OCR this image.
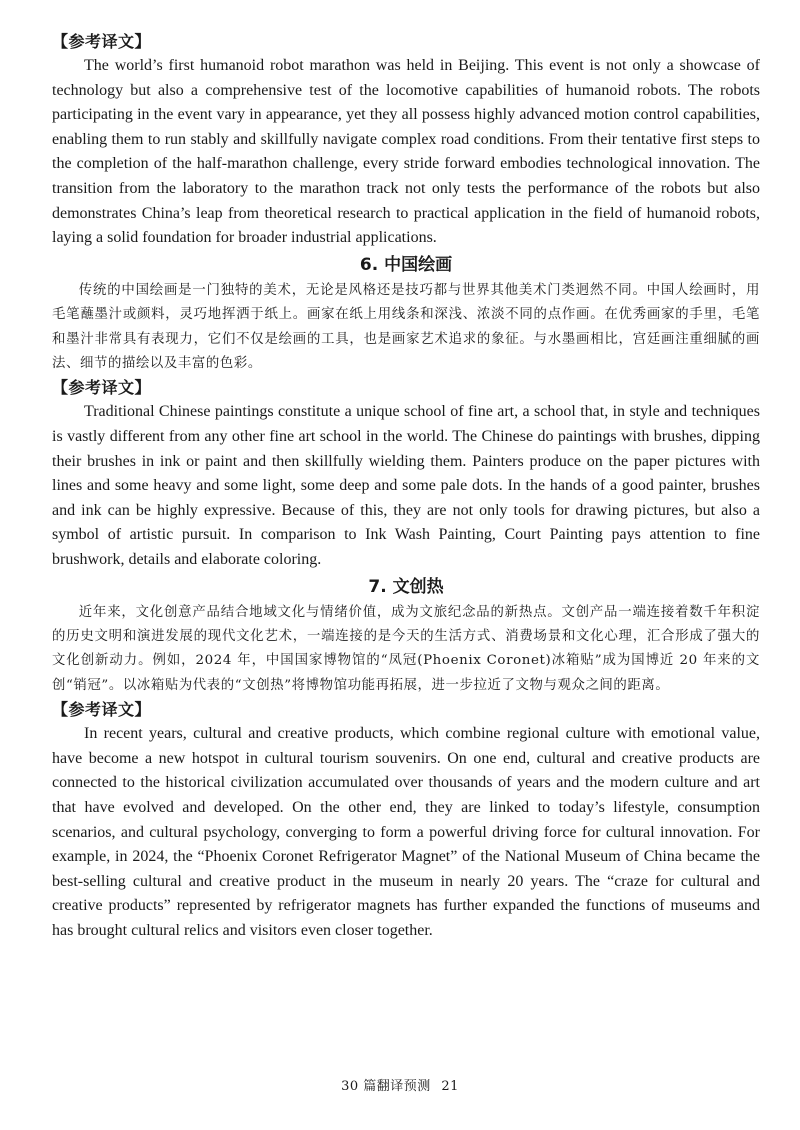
【参考译文】

The world’s first humanoid robot marathon was held in Beijing. This event is not only a showcase of technology but also a comprehensive test of the locomotive capabilities of humanoid robots. The robots participating in the event vary in appearance, yet they all possess highly advanced motion control capabilities, enabling them to run stably and skillfully navigate complex road conditions. From their tentative first steps to the completion of the half-marathon challenge, every stride forward embodies technological innovation. The transition from the laboratory to the marathon track not only tests the performance of the robots but also demonstrates China’s leap from theoretical research to practical application in the field of humanoid robots, laying a solid foundation for broader industrial applications.

6. 中国绘画

传统的中国绘画是一门独特的美术，无论是风格还是技巧都与世界其他美术门类迥然不同。中国人绘画时，用毛笔蘸墨汁或颜料，灵巧地挥洒于纸上。画家在纸上用线条和深浅、浓淡不同的点作画。在优秀画家的手里，毛笔和墨汁非常具有表现力，它们不仅是绘画的工具，也是画家艺术追求的象征。与水墨画相比，宫廷画注重细腻的画法、细节的描绘以及丰富的色彩。

【参考译文】

Traditional Chinese paintings constitute a unique school of fine art, a school that, in style and techniques is vastly different from any other fine art school in the world. The Chinese do paintings with brushes, dipping their brushes in ink or paint and then skillfully wielding them. Painters produce on the paper pictures with lines and some heavy and some light, some deep and some pale dots. In the hands of a good painter, brushes and ink can be highly expressive. Because of this, they are not only tools for drawing pictures, but also a symbol of artistic pursuit. In comparison to Ink Wash Painting, Court Painting pays attention to fine brushwork, details and elaborate coloring.

7. 文创热

近年来，文化创意产品结合地域文化与情绪价值，成为文旅纪念品的新热点。文创产品一端连接着数千年积淀的历史文明和演进发展的现代文化艺术，一端连接的是今天的生活方式、消费场景和文化心理，汇合形成了强大的文化创新动力。例如，2024 年，中国国家博物馆的“凤冠(Phoenix Coronet)冰箱贴”成为国博近 20 年来的文创“销冠”。以冰箱贴为代表的“文创热”将博物馆功能再拓展，进一步拉近了文物与观众之间的距离。

【参考译文】

In recent years, cultural and creative products, which combine regional culture with emotional value, have become a new hotspot in cultural tourism souvenirs. On one end, cultural and creative products are connected to the historical civilization accumulated over thousands of years and the modern culture and art that have evolved and developed. On the other end, they are linked to today’s lifestyle, consumption scenarios, and cultural psychology, converging to form a powerful driving force for cultural innovation. For example, in 2024, the “Phoenix Coronet Refrigerator Magnet” of the National Museum of China became the best-selling cultural and creative product in the museum in nearly 20 years. The “craze for cultural and creative products” represented by refrigerator magnets has further expanded the functions of museums and has brought cultural relics and visitors even closer together.

30 篇翻译预测 21
